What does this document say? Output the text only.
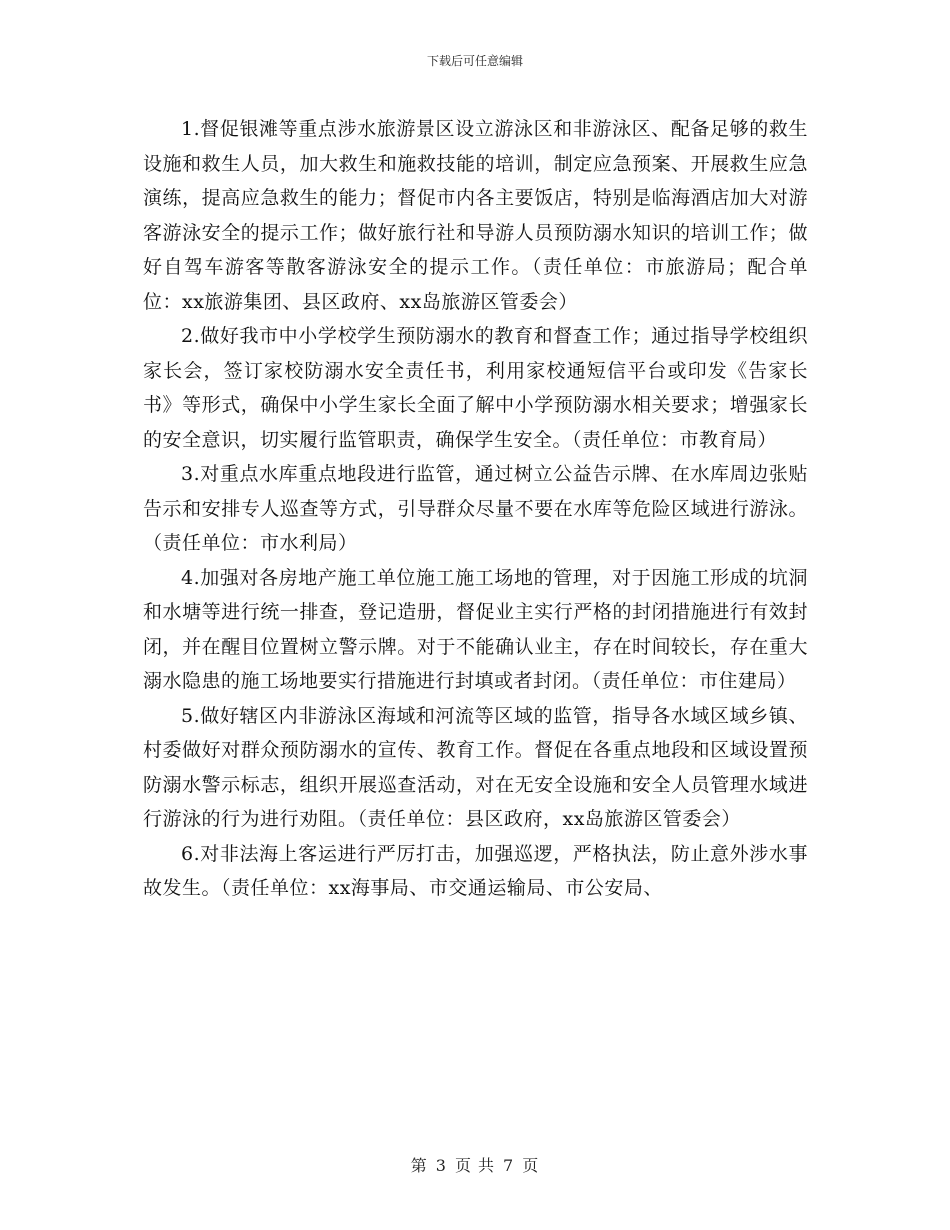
下载后可任意编辑

1.督促银滩等重点涉水旅游景区设立游泳区和非游泳区、配备足够的救生设施和救生人员，加大救生和施救技能的培训，制定应急预案、开展救生应急演练，提高应急救生的能力；督促市内各主要饭店，特别是临海酒店加大对游客游泳安全的提示工作；做好旅行社和导游人员预防溺水知识的培训工作；做好自驾车游客等散客游泳安全的提示工作。（责任单位：市旅游局；配合单位：xx旅游集团、县区政府、xx岛旅游区管委会）

2.做好我市中小学校学生预防溺水的教育和督查工作；通过指导学校组织家长会，签订家校防溺水安全责任书，利用家校通短信平台或印发《告家长书》等形式，确保中小学生家长全面了解中小学预防溺水相关要求；增强家长的安全意识，切实履行监管职责，确保学生安全。（责任单位：市教育局）

3.对重点水库重点地段进行监管，通过树立公益告示牌、在水库周边张贴告示和安排专人巡查等方式，引导群众尽量不要在水库等危险区域进行游泳。（责任单位：市水利局）

4.加强对各房地产施工单位施工施工场地的管理，对于因施工形成的坑洞和水塘等进行统一排查，登记造册，督促业主实行严格的封闭措施进行有效封闭，并在醒目位置树立警示牌。对于不能确认业主，存在时间较长，存在重大溺水隐患的施工场地要实行措施进行封填或者封闭。（责任单位：市住建局）

5.做好辖区内非游泳区海域和河流等区域的监管，指导各水域区域乡镇、村委做好对群众预防溺水的宣传、教育工作。督促在各重点地段和区域设置预防溺水警示标志，组织开展巡查活动，对在无安全设施和安全人员管理水域进行游泳的行为进行劝阻。（责任单位：县区政府，xx岛旅游区管委会）

6.对非法海上客运进行严厉打击，加强巡逻，严格执法，防止意外涉水事故发生。（责任单位：xx海事局、市交通运输局、市公安局、

第 3 页 共 7 页
